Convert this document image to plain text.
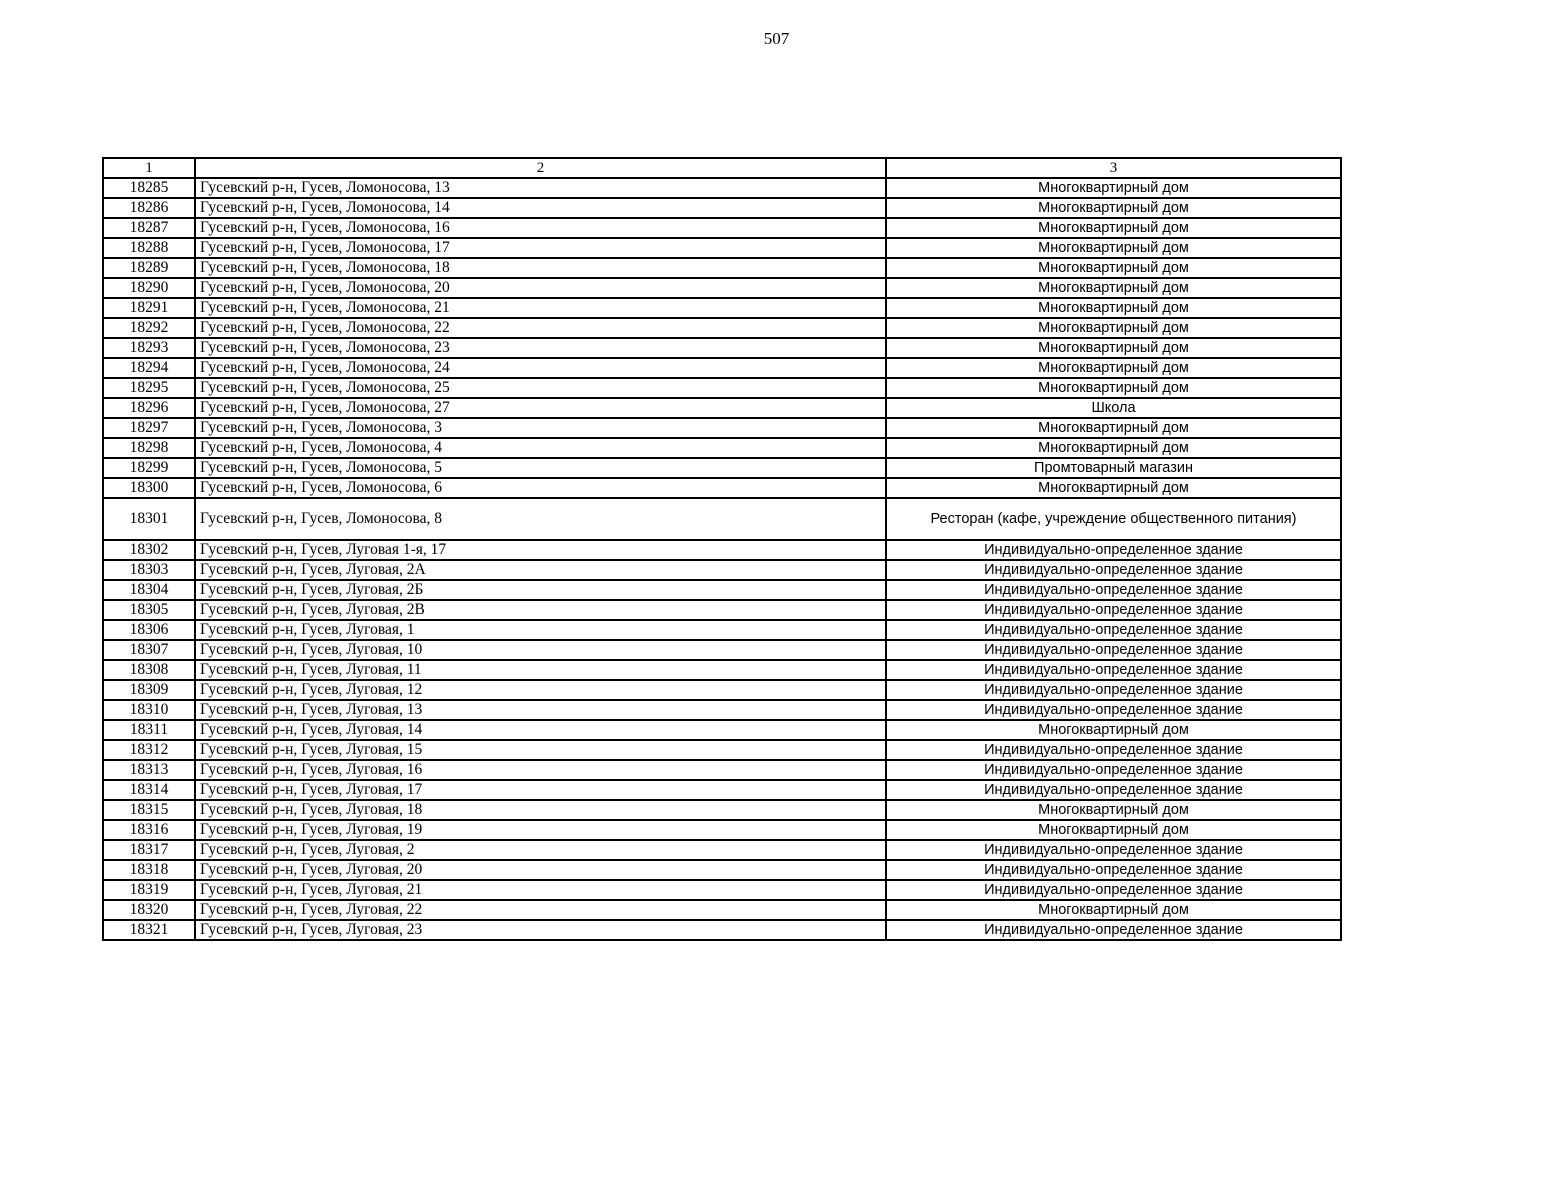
507
1	2	3
18285	Гусевский р-н, Гусев, Ломоносова, 13	Многоквартирный дом
18286	Гусевский р-н, Гусев, Ломоносова, 14	Многоквартирный дом
18287	Гусевский р-н, Гусев, Ломоносова, 16	Многоквартирный дом
18288	Гусевский р-н, Гусев, Ломоносова, 17	Многоквартирный дом
18289	Гусевский р-н, Гусев, Ломоносова, 18	Многоквартирный дом
18290	Гусевский р-н, Гусев, Ломоносова, 20	Многоквартирный дом
18291	Гусевский р-н, Гусев, Ломоносова, 21	Многоквартирный дом
18292	Гусевский р-н, Гусев, Ломоносова, 22	Многоквартирный дом
18293	Гусевский р-н, Гусев, Ломоносова, 23	Многоквартирный дом
18294	Гусевский р-н, Гусев, Ломоносова, 24	Многоквартирный дом
18295	Гусевский р-н, Гусев, Ломоносова, 25	Многоквартирный дом
18296	Гусевский р-н, Гусев, Ломоносова, 27	Школа
18297	Гусевский р-н, Гусев, Ломоносова, 3	Многоквартирный дом
18298	Гусевский р-н, Гусев, Ломоносова, 4	Многоквартирный дом
18299	Гусевский р-н, Гусев, Ломоносова, 5	Промтоварный магазин
18300	Гусевский р-н, Гусев, Ломоносова, 6	Многоквартирный дом
18301	Гусевский р-н, Гусев, Ломоносова, 8	Ресторан (кафе, учреждение общественного питания)
18302	Гусевский р-н, Гусев, Луговая 1-я, 17	Индивидуально-определенное здание
18303	Гусевский р-н, Гусев, Луговая, 2А	Индивидуально-определенное здание
18304	Гусевский р-н, Гусев, Луговая, 2Б	Индивидуально-определенное здание
18305	Гусевский р-н, Гусев, Луговая, 2В	Индивидуально-определенное здание
18306	Гусевский р-н, Гусев, Луговая, 1	Индивидуально-определенное здание
18307	Гусевский р-н, Гусев, Луговая, 10	Индивидуально-определенное здание
18308	Гусевский р-н, Гусев, Луговая, 11	Индивидуально-определенное здание
18309	Гусевский р-н, Гусев, Луговая, 12	Индивидуально-определенное здание
18310	Гусевский р-н, Гусев, Луговая, 13	Индивидуально-определенное здание
18311	Гусевский р-н, Гусев, Луговая, 14	Многоквартирный дом
18312	Гусевский р-н, Гусев, Луговая, 15	Индивидуально-определенное здание
18313	Гусевский р-н, Гусев, Луговая, 16	Индивидуально-определенное здание
18314	Гусевский р-н, Гусев, Луговая, 17	Индивидуально-определенное здание
18315	Гусевский р-н, Гусев, Луговая, 18	Многоквартирный дом
18316	Гусевский р-н, Гусев, Луговая, 19	Многоквартирный дом
18317	Гусевский р-н, Гусев, Луговая, 2	Индивидуально-определенное здание
18318	Гусевский р-н, Гусев, Луговая, 20	Индивидуально-определенное здание
18319	Гусевский р-н, Гусев, Луговая, 21	Индивидуально-определенное здание
18320	Гусевский р-н, Гусев, Луговая, 22	Многоквартирный дом
18321	Гусевский р-н, Гусев, Луговая, 23	Индивидуально-определенное здание
